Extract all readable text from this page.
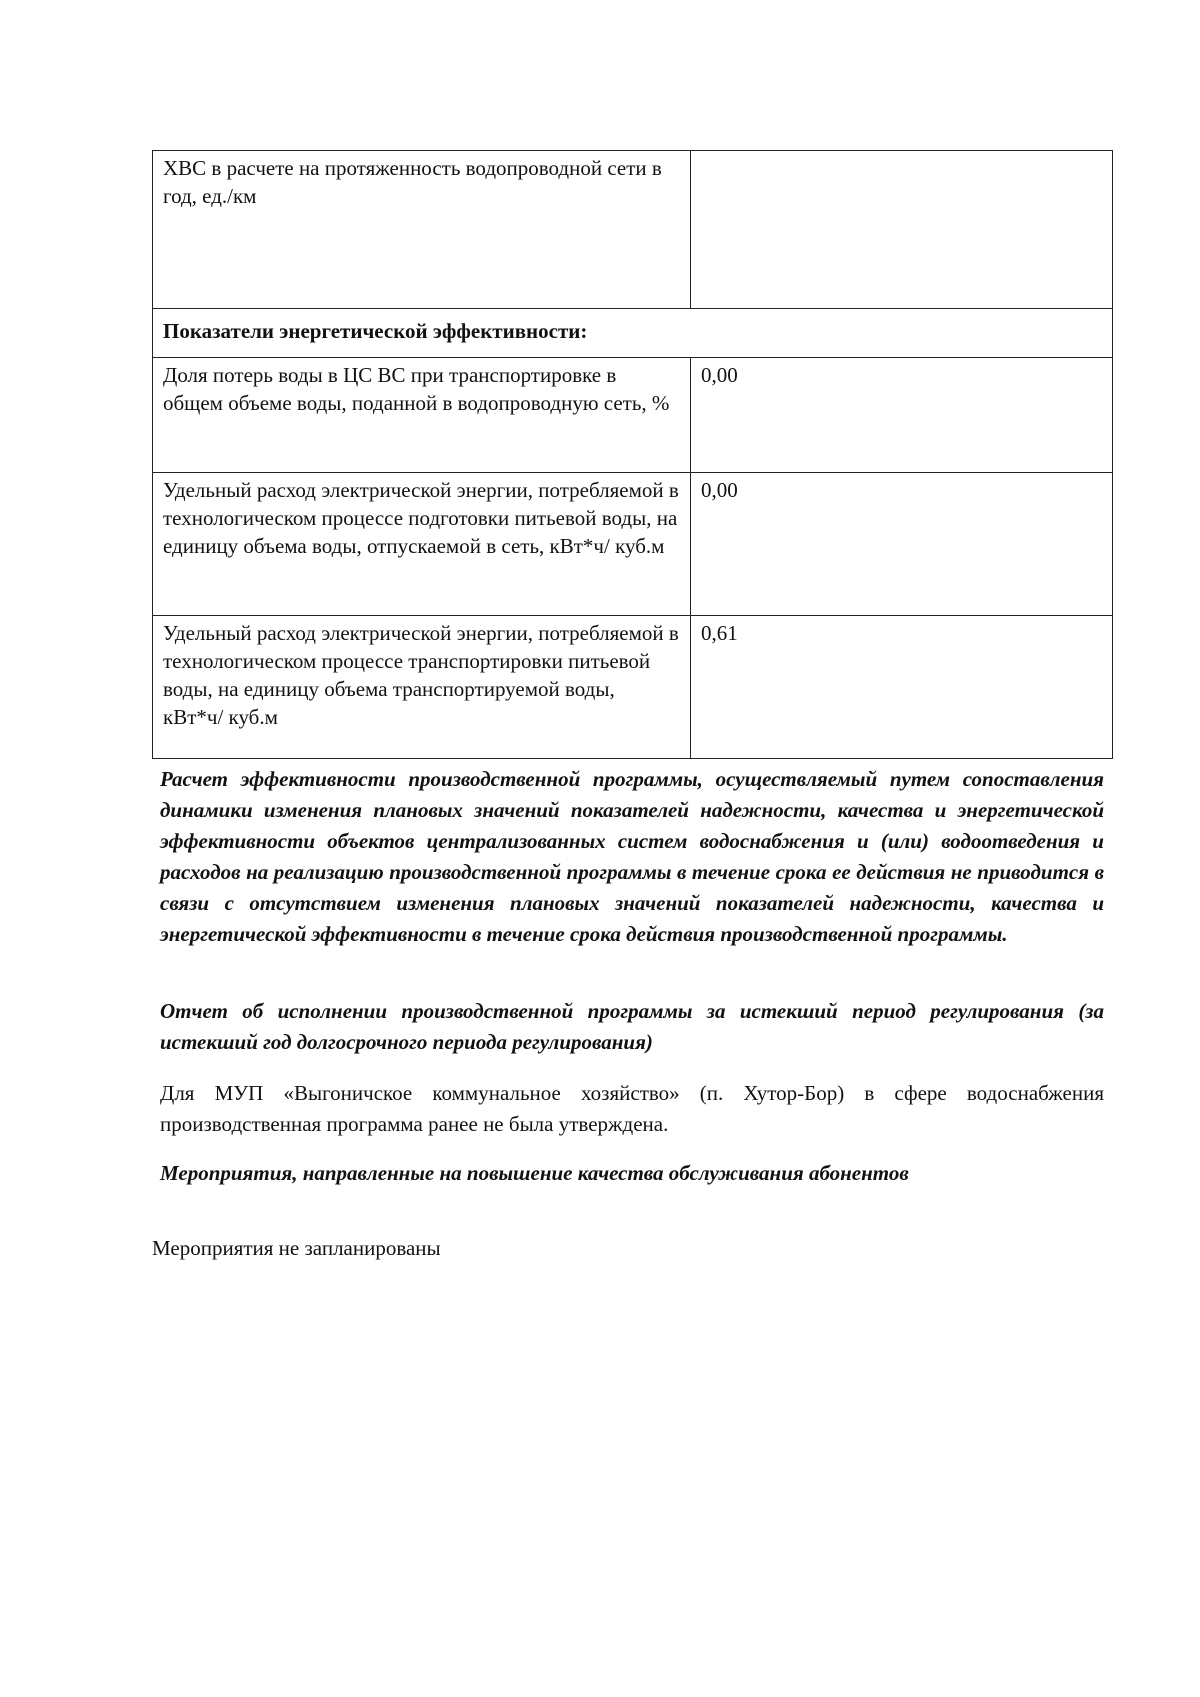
ХВС в расчете на протяженность водопроводной сети в год, ед./км	
Показатели энергетической эффективности:	
Доля потерь воды в ЦС ВС при транспортировке в общем объеме воды, поданной в водопроводную сеть, %	0,00
Удельный расход электрической энергии, потребляемой в технологическом процессе подготовки питьевой воды, на единицу объема воды, отпускаемой в сеть, кВт*ч/ куб.м	0,00
Удельный расход электрической энергии, потребляемой в технологическом процессе транспортировки питьевой воды, на единицу объема транспортируемой воды, кВт*ч/ куб.м	0,61
Расчет эффективности производственной программы, осуществляемый путем сопоставления динамики изменения плановых значений показателей надежности, качества и энергетической эффективности объектов централизованных систем водоснабжения и (или) водоотведения и расходов на реализацию производственной программы в течение срока ее действия не приводится в связи с отсутствием изменения плановых значений показателей надежности, качества и энергетической эффективности в течение срока действия производственной программы.
Отчет об исполнении производственной программы за истекший период регулирования (за истекший год долгосрочного периода регулирования)
Для МУП «Выгоничское коммунальное хозяйство» (п. Хутор-Бор) в сфере водоснабжения производственная программа ранее не была утверждена.
Мероприятия, направленные на повышение качества обслуживания абонентов
Мероприятия не запланированы
